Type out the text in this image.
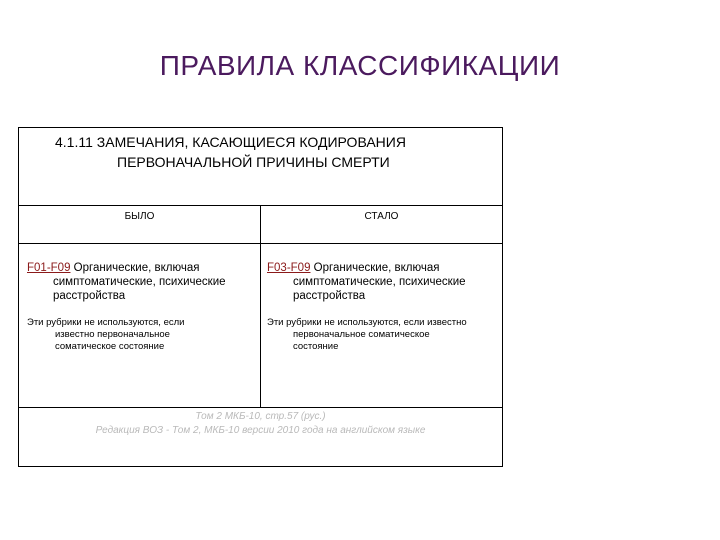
ПРАВИЛА КЛАССИФИКАЦИИ
4.1.11 ЗАМЕЧАНИЯ, КАСАЮЩИЕСЯ КОДИРОВАНИЯ
ПЕРВОНАЧАЛЬНОЙ ПРИЧИНЫ СМЕРТИ
БЫЛО	СТАЛО
F01-F09 Органические, включая
симптоматические, психические
расстройства
Эти рубрики не используются, если
известно первоначальное
соматическое состояние
F03-F09 Органические, включая
симптоматические, психические
расстройства
Эти рубрики не используются, если известно
первоначальное соматическое
состояние
Том 2 МКБ-10, стр.57 (рус.)
Редакция ВОЗ - Том 2, МКБ-10 версии 2010 года на английском языке
